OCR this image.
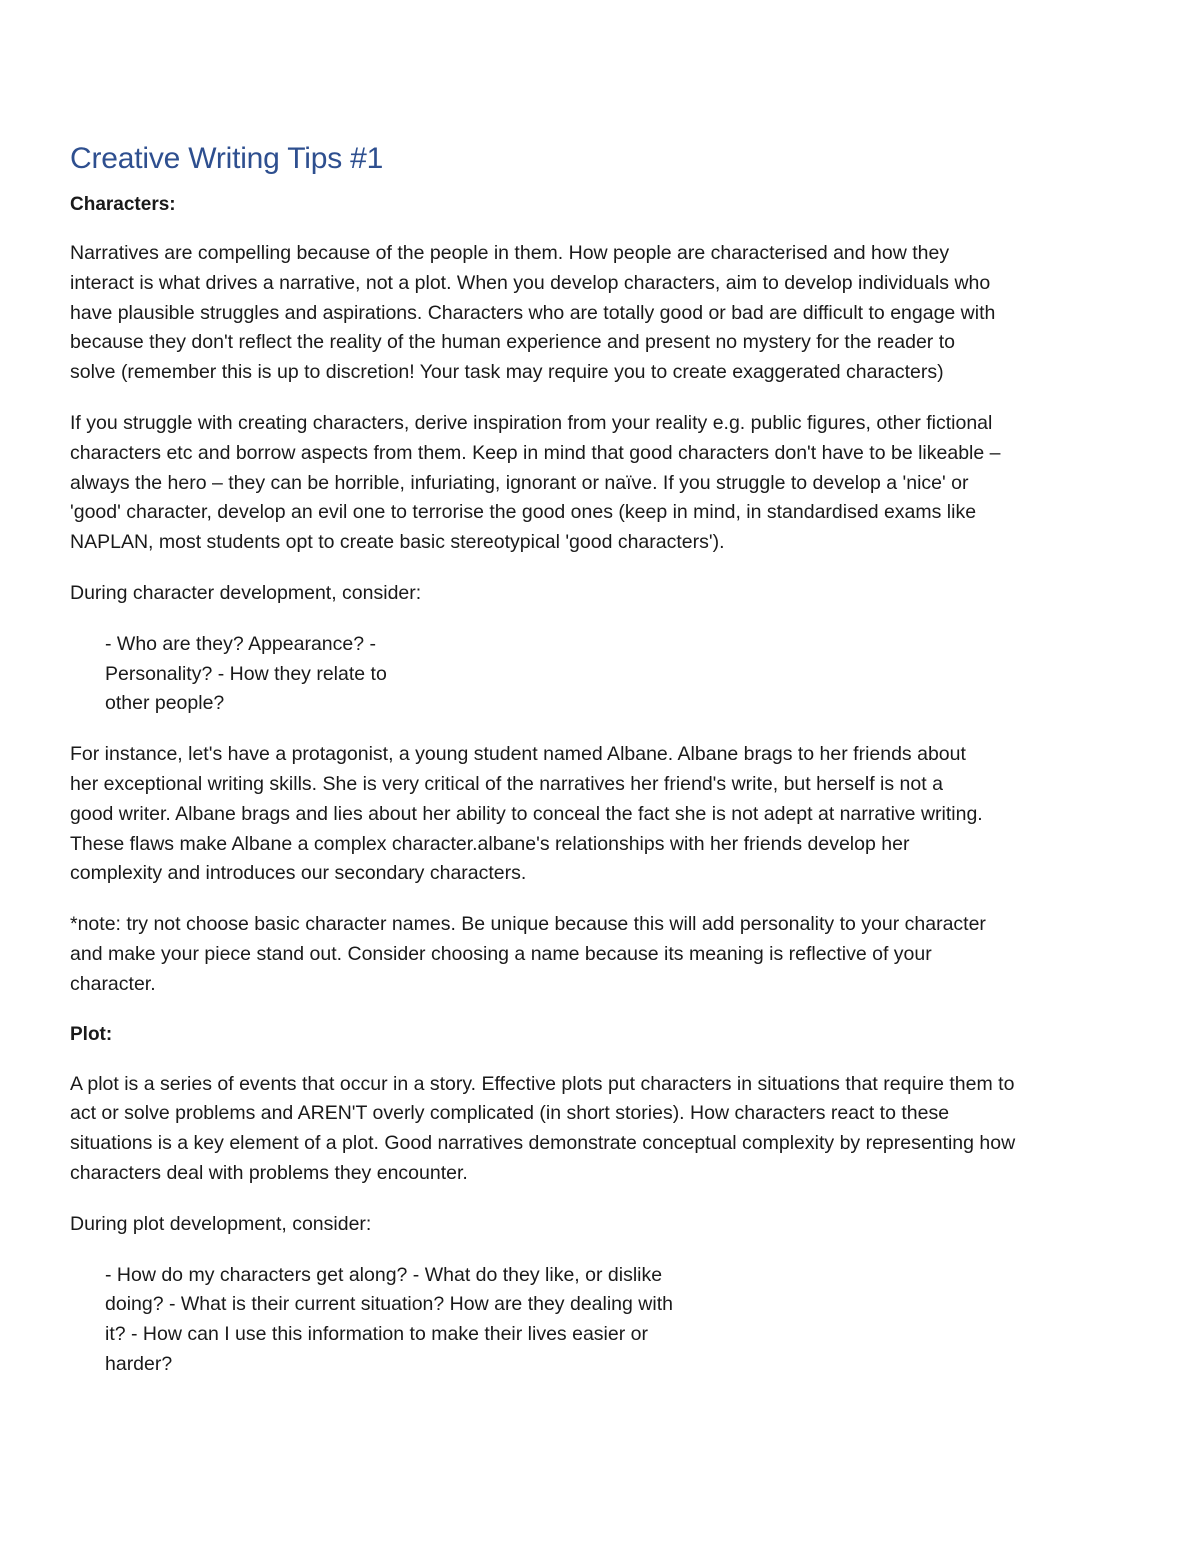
Creative Writing Tips #1

Characters:

Narratives are compelling because of the people in them. How people are characterised and how they
interact is what drives a narrative, not a plot. When you develop characters, aim to develop individuals who
have plausible struggles and aspirations. Characters who are totally good or bad are difficult to engage with
because they don't reflect the reality of the human experience and present no mystery for the reader to
solve (remember this is up to discretion! Your task may require you to create exaggerated characters)

If you struggle with creating characters, derive inspiration from your reality e.g. public figures, other fictional
characters etc and borrow aspects from them. Keep in mind that good characters don't have to be likeable –
always the hero – they can be horrible, infuriating, ignorant or naïve. If you struggle to develop a 'nice' or
'good' character, develop an evil one to terrorise the good ones (keep in mind, in standardised exams like
NAPLAN, most students opt to create basic stereotypical 'good characters').

During character development, consider:

- Who are they? Appearance? -
Personality? - How they relate to
other people?

For instance, let's have a protagonist, a young student named Albane. Albane brags to her friends about
her exceptional writing skills. She is very critical of the narratives her friend's write, but herself is not a
good writer. Albane brags and lies about her ability to conceal the fact she is not adept at narrative writing.
These flaws make Albane a complex character.albane's relationships with her friends develop her
complexity and introduces our secondary characters.

*note: try not choose basic character names. Be unique because this will add personality to your character
and make your piece stand out. Consider choosing a name because its meaning is reflective of your
character.

Plot:

A plot is a series of events that occur in a story. Effective plots put characters in situations that require them to
act or solve problems and AREN'T overly complicated (in short stories). How characters react to these
situations is a key element of a plot. Good narratives demonstrate conceptual complexity by representing how
characters deal with problems they encounter.

During plot development, consider:

- How do my characters get along? - What do they like, or dislike
doing? - What is their current situation? How are they dealing with
it? - How can I use this information to make their lives easier or
harder?
